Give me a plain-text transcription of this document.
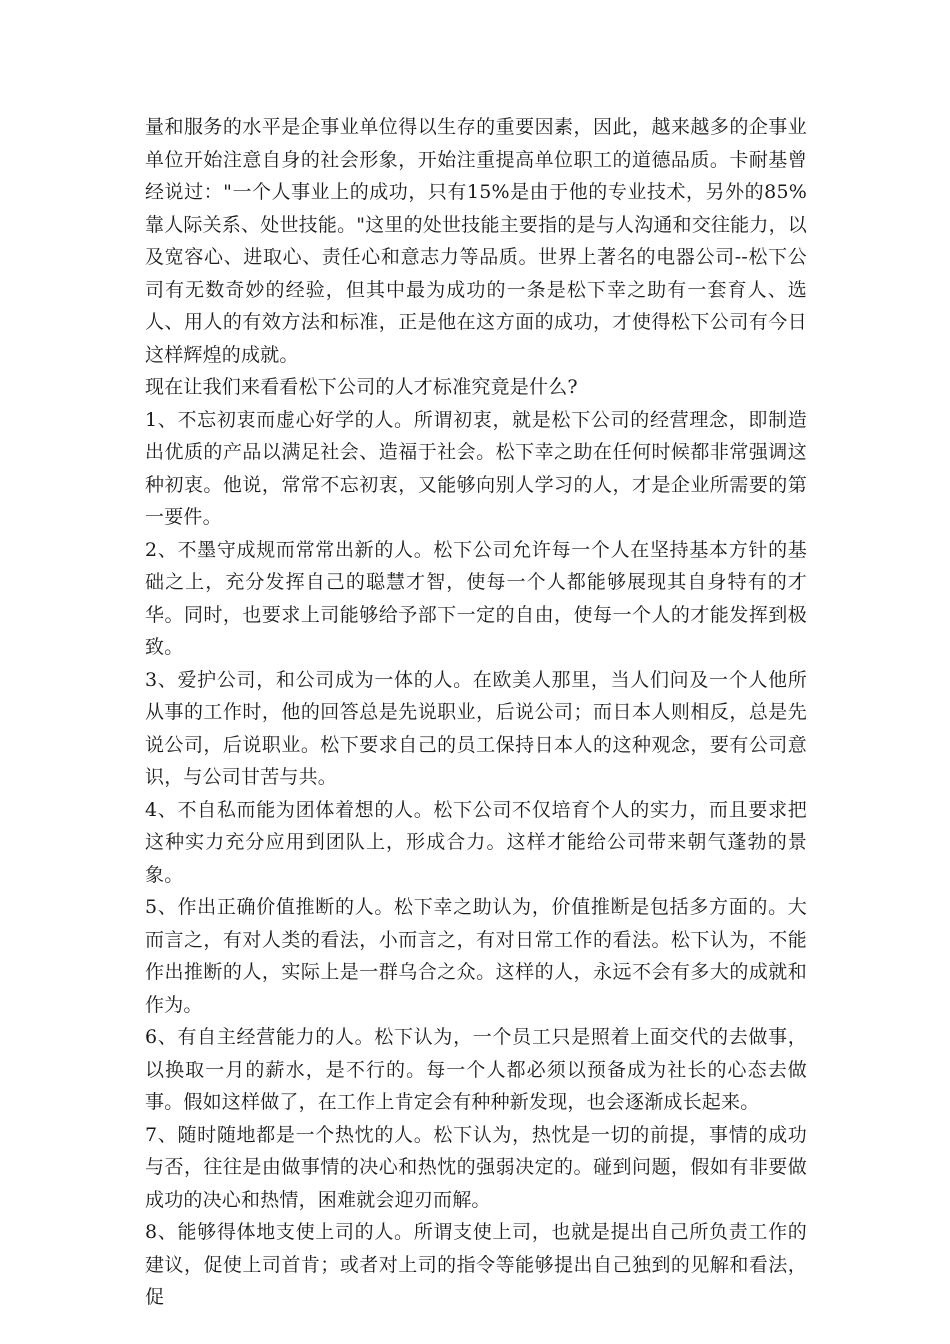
量和服务的水平是企事业单位得以生存的重要因素，因此，越来越多的企事业单位开始注意自身的社会形象，开始注重提高单位职工的道德品质。卡耐基曾经说过："一个人事业上的成功，只有15%是由于他的专业技术，另外的85%靠人际关系、处世技能。"这里的处世技能主要指的是与人沟通和交往能力，以及宽容心、进取心、责任心和意志力等品质。世界上著名的电器公司--松下公司有无数奇妙的经验，但其中最为成功的一条是松下幸之助有一套育人、选人、用人的有效方法和标准，正是他在这方面的成功，才使得松下公司有今日这样辉煌的成就。

现在让我们来看看松下公司的人才标准究竟是什么?

1、不忘初衷而虚心好学的人。所谓初衷，就是松下公司的经营理念，即制造出优质的产品以满足社会、造福于社会。松下幸之助在任何时候都非常强调这种初衷。他说，常常不忘初衷，又能够向别人学习的人，才是企业所需要的第一要件。

2、不墨守成规而常常出新的人。松下公司允许每一个人在坚持基本方针的基础之上，充分发挥自己的聪慧才智，使每一个人都能够展现其自身特有的才华。同时，也要求上司能够给予部下一定的自由，使每一个人的才能发挥到极致。

3、爱护公司，和公司成为一体的人。在欧美人那里，当人们问及一个人他所从事的工作时，他的回答总是先说职业，后说公司；而日本人则相反，总是先说公司，后说职业。松下要求自己的员工保持日本人的这种观念，要有公司意识，与公司甘苦与共。

4、不自私而能为团体着想的人。松下公司不仅培育个人的实力，而且要求把这种实力充分应用到团队上，形成合力。这样才能给公司带来朝气蓬勃的景象。

5、作出正确价值推断的人。松下幸之助认为，价值推断是包括多方面的。大而言之，有对人类的看法，小而言之，有对日常工作的看法。松下认为，不能作出推断的人，实际上是一群乌合之众。这样的人，永远不会有多大的成就和作为。

6、有自主经营能力的人。松下认为，一个员工只是照着上面交代的去做事，以换取一月的薪水，是不行的。每一个人都必须以预备成为社长的心态去做事。假如这样做了，在工作上肯定会有种种新发现，也会逐渐成长起来。

7、随时随地都是一个热忱的人。松下认为，热忱是一切的前提，事情的成功与否，往往是由做事情的决心和热忱的强弱决定的。碰到问题，假如有非要做成功的决心和热情，困难就会迎刃而解。

8、能够得体地支使上司的人。所谓支使上司，也就是提出自己所负责工作的建议，促使上司首肯；或者对上司的指令等能够提出自己独到的见解和看法，促
